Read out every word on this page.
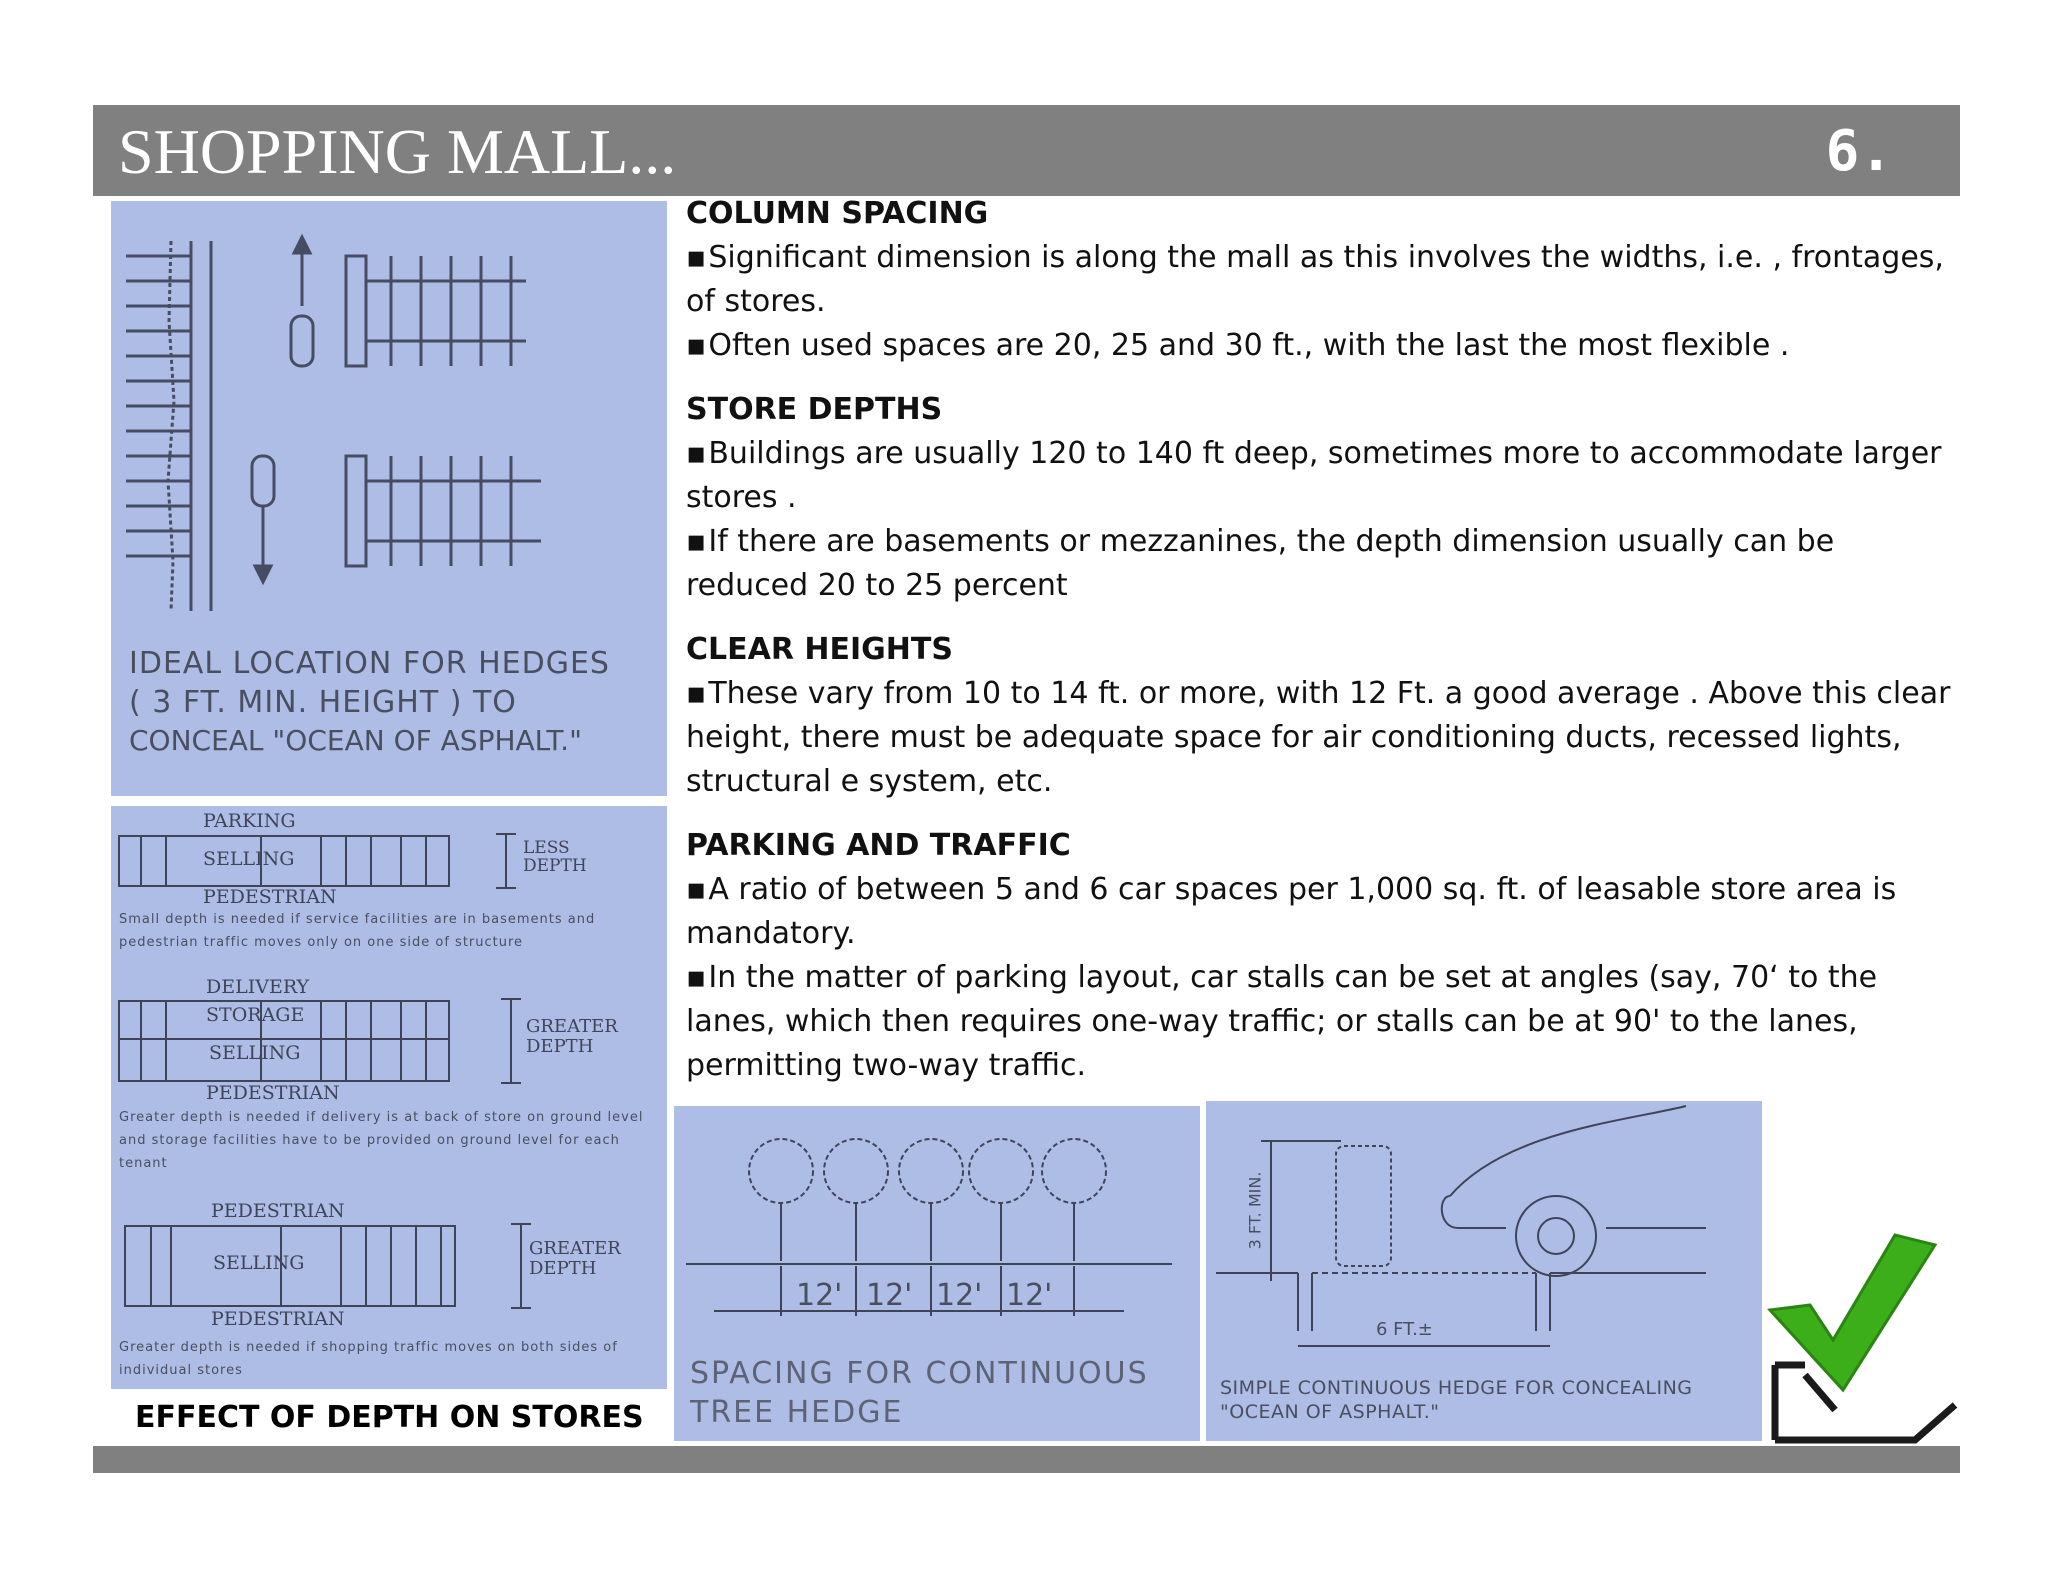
SHOPPING MALL...	6.
IDEAL LOCATION FOR HEDGES
( 3 FT. MIN. HEIGHT ) TO
CONCEAL "OCEAN OF ASPHALT."
PARKING
SELLING
PEDESTRIAN
LESS
DEPTH
Small depth is needed if service facilities are in basements and pedestrian traffic moves only on one side of structure
DELIVERY
STORAGE
SELLING
PEDESTRIAN
GREATER
DEPTH
Greater depth is needed if delivery is at back of store on ground level and storage facilities have to be provided on ground level for each tenant
PEDESTRIAN
SELLING
PEDESTRIAN
GREATER
DEPTH
Greater depth is needed if shopping traffic moves on both sides of individual stores
EFFECT OF DEPTH ON STORES
COLUMN SPACING

▪ Significant dimension is along the mall as this involves the widths, i.e. , frontages, of stores.

▪ Often used spaces are 20, 25 and 30 ft., with the last the most flexible .

STORE DEPTHS

▪ Buildings are usually 120 to 140 ft deep, sometimes more to accommodate larger stores .

▪ If there are basements or mezzanines, the depth dimension usually can be reduced 20 to 25 percent

CLEAR HEIGHTS

▪ These vary from 10 to 14 ft. or more, with 12 Ft. a good average . Above this clear height, there must be adequate space for air conditioning ducts, recessed lights, structural e system, etc.

PARKING AND TRAFFIC

▪ A ratio of between 5 and 6 car spaces per 1,000 sq. ft. of leasable store area is mandatory.

▪ In the matter of parking layout, car stalls can be set at angles (say, 70‘ to the lanes, which then requires one-way traffic; or stalls can be at 90' to the lanes, permitting two-way traffic.

12' 12' 12' 12'
SPACING FOR CONTINUOUS
TREE HEDGE
3 FT. MIN.
6 FT.±
SIMPLE CONTINUOUS HEDGE FOR CONCEALING
"OCEAN OF ASPHALT."
